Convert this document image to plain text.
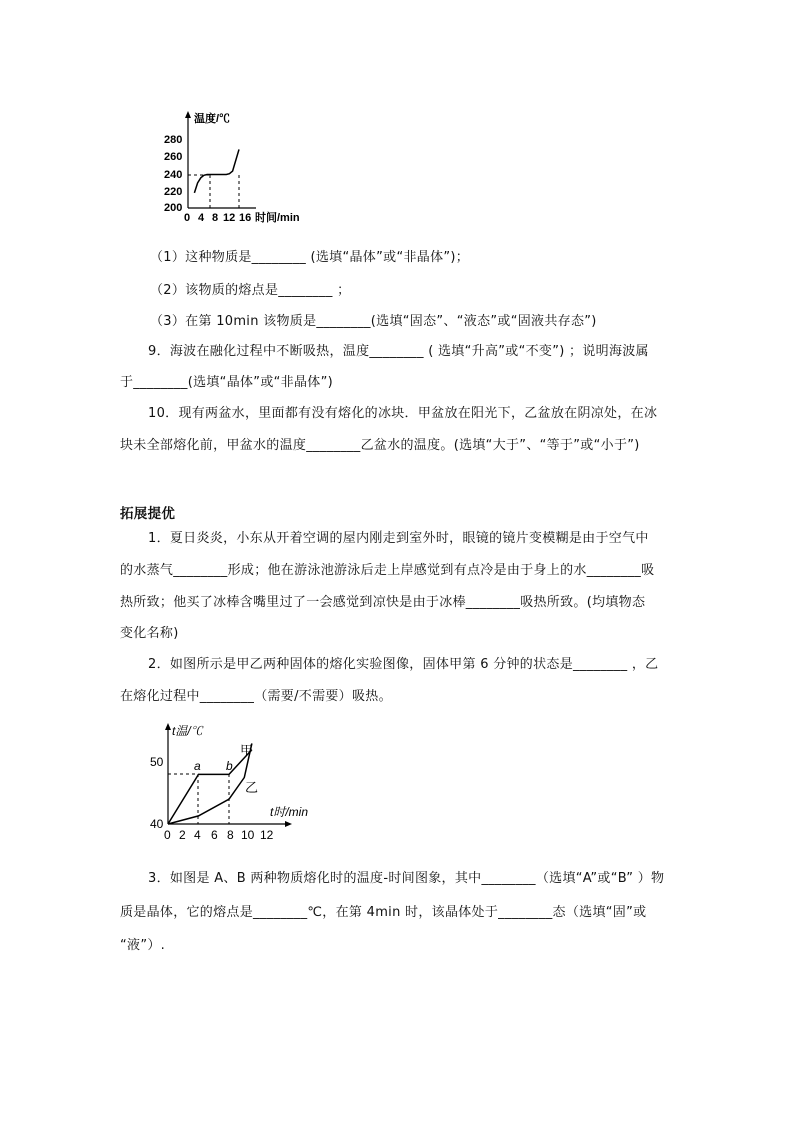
温度/℃
时间/min
280
260
240
220
200
0 4 8 12 16
（1）这种物质是________ (选填“晶体”或“非晶体”)；
（2）该物质的熔点是________ ；
（3）在第 10min 该物质是________(选填“固态”、“液态”或“固液共存态”)
9．海波在融化过程中不断吸热，温度________ ( 选填“升高”或“不变”) ；说明海波属
于________(选填“晶体”或“非晶体”)
10．现有两盆水，里面都有没有熔化的冰块．甲盆放在阳光下，乙盆放在阴凉处，在冰
块未全部熔化前，甲盆水的温度________乙盆水的温度。(选填“大于”、“等于”或“小于”)
拓展提优
1．夏日炎炎，小东从开着空调的屋内刚走到室外时，眼镜的镜片变模糊是由于空气中
的水蒸气________形成；他在游泳池游泳后走上岸感觉到有点冷是由于身上的水________吸
热所致；他买了冰棒含嘴里过了一会感觉到凉快是由于冰棒________吸热所致。(均填物态
变化名称)
2．如图所示是甲乙两种固体的熔化实验图像，固体甲第 6 分钟的状态是________ ，乙
在熔化过程中________（需要/不需要）吸热。
t温/℃
t时/min
50
40
0 2 4 6 8 10 12
a b
甲
乙
3．如图是 A、B 两种物质熔化时的温度-时间图象，其中________（选填“A”或“B” ）物
质是晶体，它的熔点是________℃，在第 4min 时，该晶体处于________态（选填“固”或
“液”）.
